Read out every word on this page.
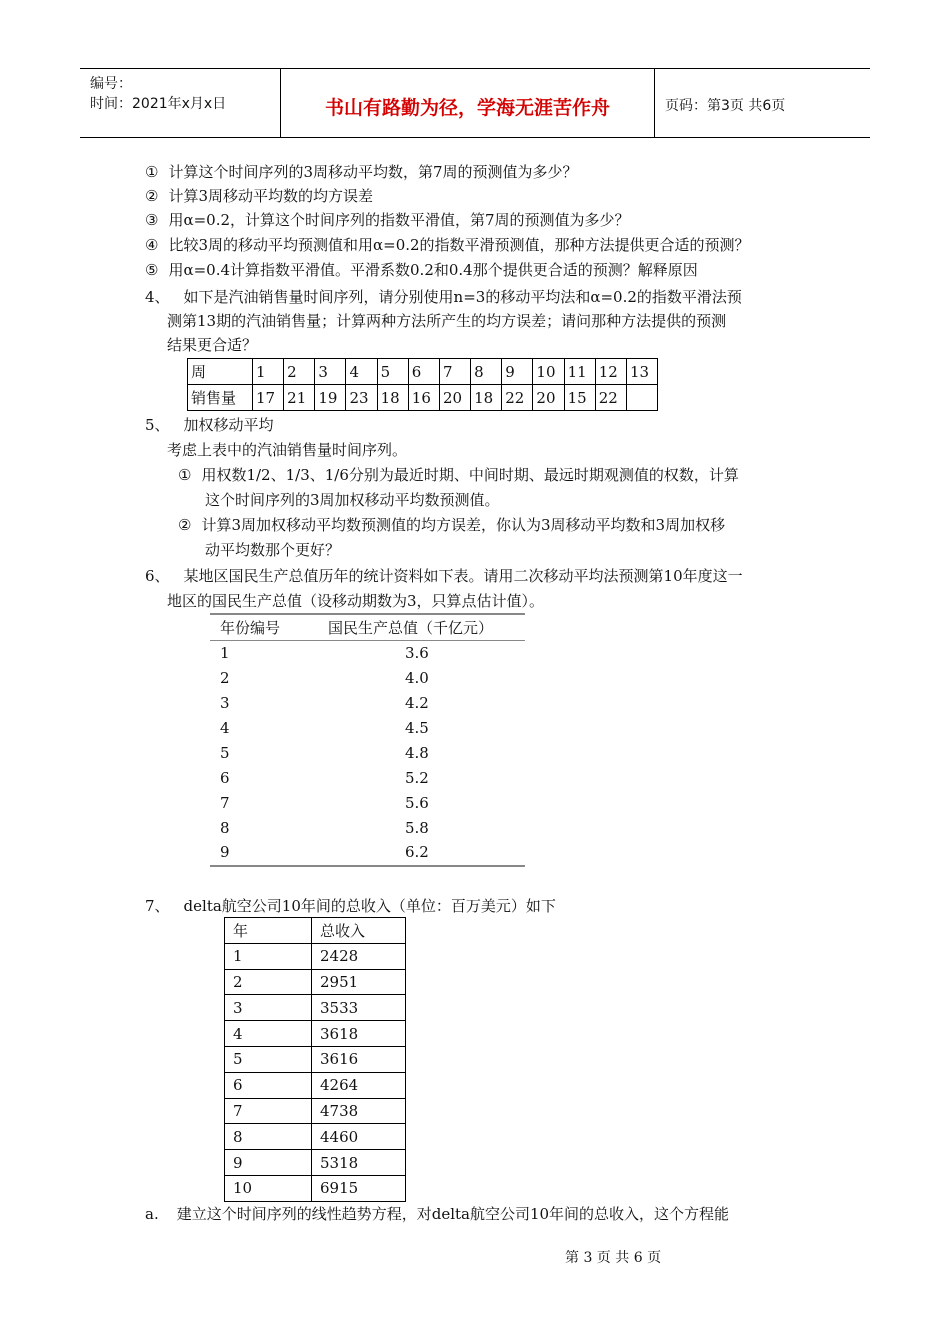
编号：
时间：2021年x月x日	书山有路勤为径，学海无涯苦作舟	页码：第3页 共6页
① 计算这个时间序列的3周移动平均数，第7周的预测值为多少？
② 计算3周移动平均数的均方误差
③ 用α=0.2，计算这个时间序列的指数平滑值，第7周的预测值为多少？
④ 比较3周的移动平均预测值和用α=0.2的指数平滑预测值，那种方法提供更合适的预测？
⑤ 用α=0.4计算指数平滑值。平滑系数0.2和0.4那个提供更合适的预测？解释原因
4、 如下是汽油销售量时间序列，请分别使用n=3的移动平均法和α=0.2的指数平滑法预
测第13期的汽油销售量；计算两种方法所产生的均方误差；请问那种方法提供的预测
结果更合适？
周	1	2	3	4	5	6	7	8	9	10	11	12	13
销售量	17	21	19	23	18	16	20	18	22	20	15	22	
5、 加权移动平均
考虑上表中的汽油销售量时间序列。
① 用权数1/2、1/3、1/6分别为最近时期、中间时期、最远时期观测值的权数，计算
这个时间序列的3周加权移动平均数预测值。
② 计算3周加权移动平均数预测值的均方误差，你认为3周移动平均数和3周加权移
动平均数那个更好？
6、 某地区国民生产总值历年的统计资料如下表。请用二次移动平均法预测第10年度这一
地区的国民生产总值（设移动期数为3，只算点估计值）。
年份编号	国民生产总值（千亿元）
1	3.6
2	4.0
3	4.2
4	4.5
5	4.8
6	5.2
7	5.6
8	5.8
9	6.2
7、 delta航空公司10年间的总收入（单位：百万美元）如下
年	总收入
1	2428
2	2951
3	3533
4	3618
5	3616
6	4264
7	4738
8	4460
9	5318
10	6915
a. 建立这个时间序列的线性趋势方程，对delta航空公司10年间的总收入，这个方程能
第 3 页 共 6 页
